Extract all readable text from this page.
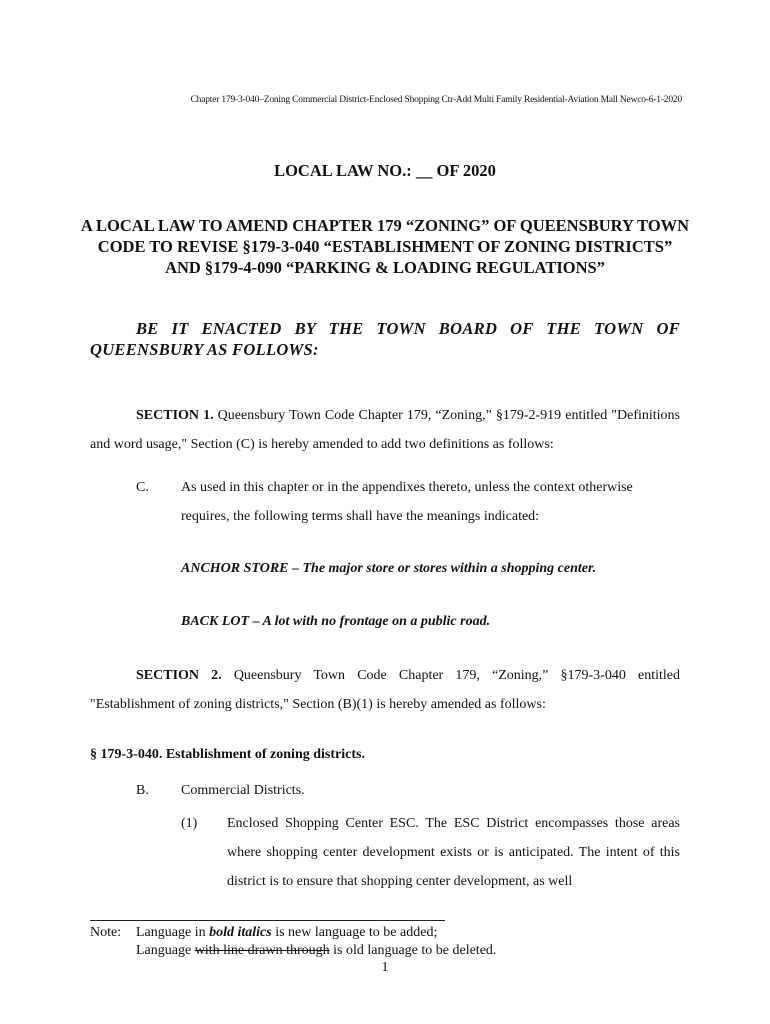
Chapter 179-3-040–Zoning Commercial District-Enclosed Shopping Ctr-Add Multi Family Residential-Aviation Mall Newco-6-1-2020
LOCAL LAW NO.: __ OF 2020
A LOCAL LAW TO AMEND CHAPTER 179 “ZONING” OF QUEENSBURY TOWN CODE TO REVISE §179-3-040 “ESTABLISHMENT OF ZONING DISTRICTS” AND §179-4-090 “PARKING & LOADING REGULATIONS”
BE IT ENACTED BY THE TOWN BOARD OF THE TOWN OF QUEENSBURY AS FOLLOWS:
SECTION 1. Queensbury Town Code Chapter 179, “Zoning,” §179-2-919 entitled "Definitions and word usage," Section (C) is hereby amended to add two definitions as follows:
C. As used in this chapter or in the appendixes thereto, unless the context otherwise requires, the following terms shall have the meanings indicated:
ANCHOR STORE – The major store or stores within a shopping center.
BACK LOT – A lot with no frontage on a public road.
SECTION 2. Queensbury Town Code Chapter 179, “Zoning,” §179-3-040 entitled "Establishment of zoning districts," Section (B)(1) is hereby amended as follows:
§ 179-3-040. Establishment of zoning districts.
B. Commercial Districts.
(1) Enclosed Shopping Center ESC. The ESC District encompasses those areas where shopping center development exists or is anticipated. The intent of this district is to ensure that shopping center development, as well
Note: Language in bold italics is new language to be added;
Language with line drawn through is old language to be deleted.
1
